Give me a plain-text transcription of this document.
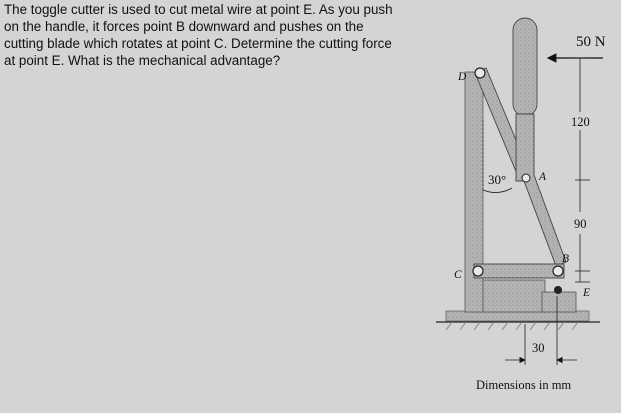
The toggle cutter is used to cut metal wire at point E. As you push
on the handle, it forces point B downward and pushes on the
cutting blade which rotates at point C. Determine the cutting force
at point E. What is the mechanical advantage?
50 N
120
90
30
30°	A
B
C
D
E
Dimensions in mm
